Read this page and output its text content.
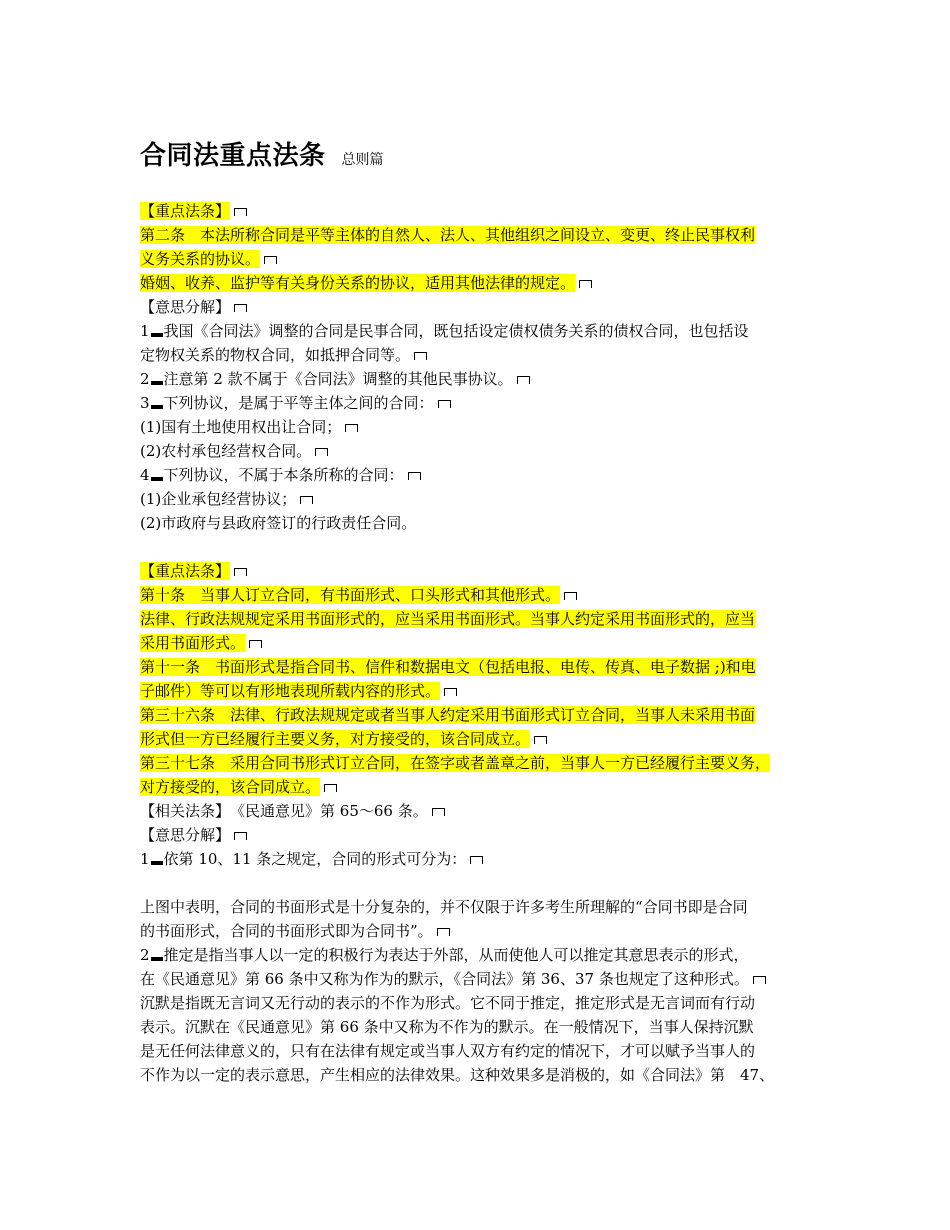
合同法重点法条 总则篇
【重点法条】
第二条　本法所称合同是平等主体的自然人、法人、其他组织之间设立、变更、终止民事权利
义务关系的协议。
婚姻、收养、监护等有关身份关系的协议，适用其他法律的规定。
【意思分解】
1 我国《合同法》调整的合同是民事合同，既包括设定债权债务关系的债权合同，也包括设
定物权关系的物权合同，如抵押合同等。
2 注意第 2 款不属于《合同法》调整的其他民事协议。
3 下列协议，是属于平等主体之间的合同：
(1)国有土地使用权出让合同；
(2)农村承包经营权合同。
4 下列协议，不属于本条所称的合同：
(1)企业承包经营协议；
(2)市政府与县政府签订的行政责任合同。
【重点法条】
第十条　当事人订立合同，有书面形式、口头形式和其他形式。
法律、行政法规规定采用书面形式的，应当采用书面形式。当事人约定采用书面形式的，应当
采用书面形式。
第十一条　书面形式是指合同书、信件和数据电文（包括电报、电传、传真、电子数据 ;)和电
子邮件）等可以有形地表现所载内容的形式。
第三十六条　法律、行政法规规定或者当事人约定采用书面形式订立合同，当事人未采用书面
形式但一方已经履行主要义务，对方接受的，该合同成立。
第三十七条　采用合同书形式订立合同，在签字或者盖章之前，当事人一方已经履行主要义务，
对方接受的，该合同成立。
【相关法条】　《民通意见》第 65～66 条。
【意思分解】
1 依第 10、11 条之规定，合同的形式可分为：
上图中表明，合同的书面形式是十分复杂的，并不仅限于许多考生所理解的“合同书即是合同
的书面形式，合同的书面形式即为合同书”。
2 推定是指当事人以一定的积极行为表达于外部，从而使他人可以推定其意思表示的形式，
在《民通意见》第 66 条中又称为作为的默示，《合同法》第 36、37 条也规定了这种形式。
沉默是指既无言词又无行动的表示的不作为形式。它不同于推定，推定形式是无言词而有行动
表示。沉默在《民通意见》第 66 条中又称为不作为的默示。在一般情况下，当事人保持沉默
是无任何法律意义的，只有在法律有规定或当事人双方有约定的情况下，才可以赋予当事人的
不作为以一定的表示意思，产生相应的法律效果。这种效果多是消极的，如《合同法》第　47、
